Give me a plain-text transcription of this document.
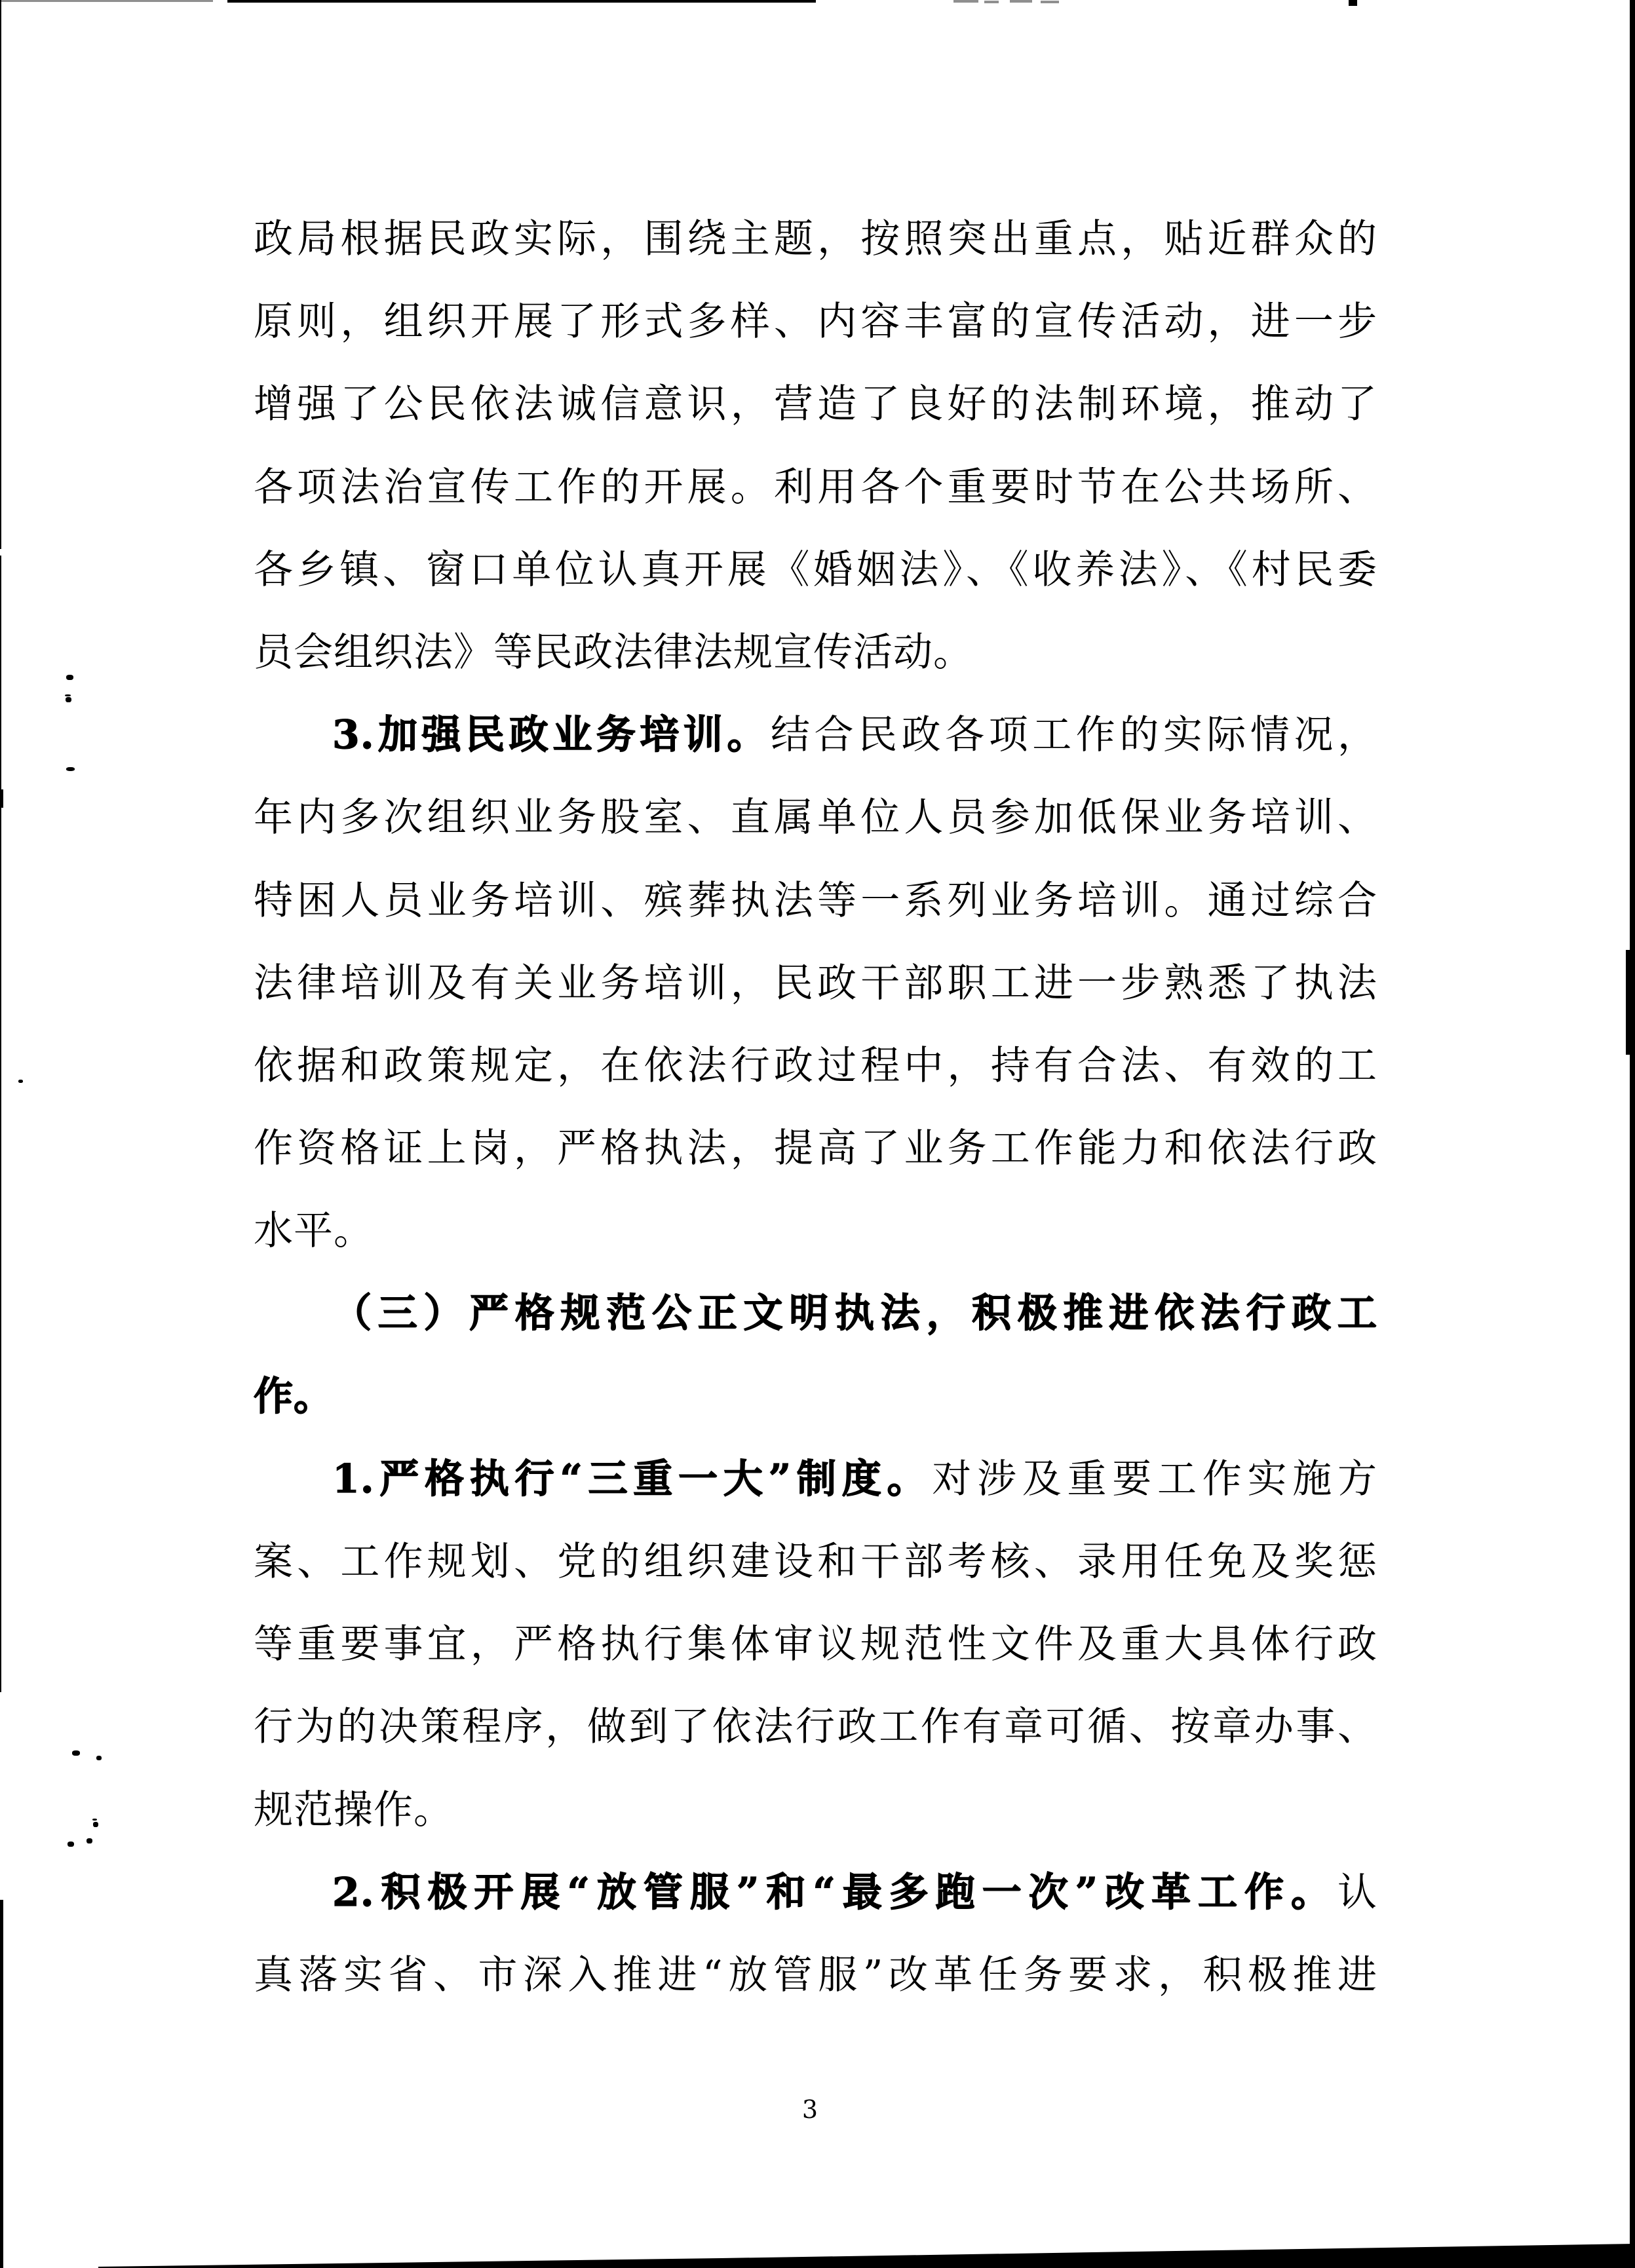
政局根据民政实际，围绕主题，按照突出重点，贴近群众的
原则，组织开展了形式多样、内容丰富的宣传活动，进一步
增强了公民依法诚信意识，营造了良好的法制环境，推动了
各项法治宣传工作的开展。利用各个重要时节在公共场所、
各乡镇、窗口单位认真开展《婚姻法》、《收养法》、《村民委
员会组织法》等民政法律法规宣传活动。
3.加强民政业务培训。结合民政各项工作的实际情况，
年内多次组织业务股室、直属单位人员参加低保业务培训、
特困人员业务培训、殡葬执法等一系列业务培训。通过综合
法律培训及有关业务培训，民政干部职工进一步熟悉了执法
依据和政策规定，在依法行政过程中，持有合法、有效的工
作资格证上岗，严格执法，提高了业务工作能力和依法行政
水平。
（三）严格规范公正文明执法，积极推进依法行政工
作。
1.严格执行“三重一大”制度。对涉及重要工作实施方
案、工作规划、党的组织建设和干部考核、录用任免及奖惩
等重要事宜，严格执行集体审议规范性文件及重大具体行政
行为的决策程序，做到了依法行政工作有章可循、按章办事、
规范操作。
2.积极开展“放管服”和“最多跑一次”改革工作。认
真落实省、市深入推进“放管服”改革任务要求，积极推进
3
